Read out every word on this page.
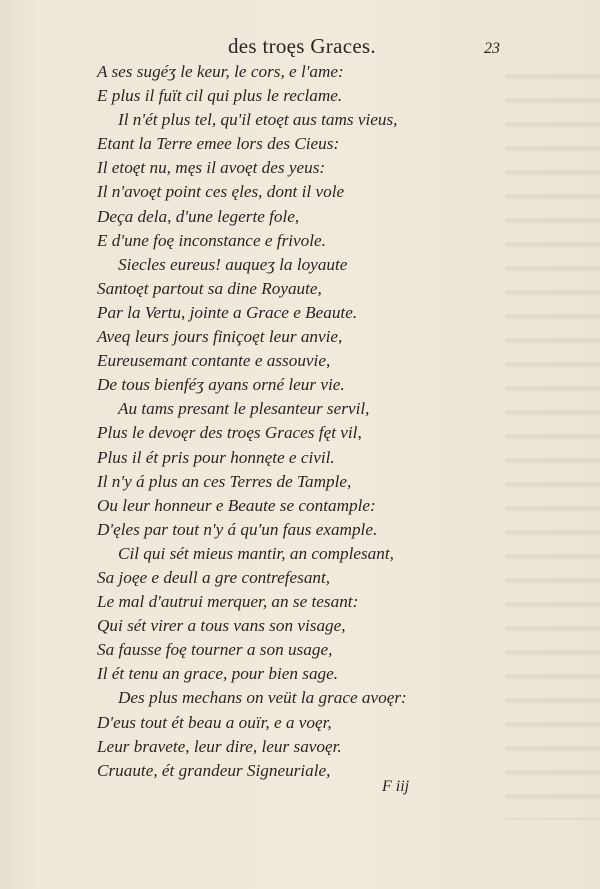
des troęs Graces.	23
A ses sugéʒ le keur, le cors, e l'ame:
E plus il fuït cil qui plus le reclame.
Il n'ét plus tel, qu'il etoęt aus tams vieus,
Etant la Terre emee lors des Cieus:
Il etoęt nu, męs il avoęt des yeus:
Il n'avoęt point ces ęles, dont il vole
Deça dela, d'une legerte fole,
E d'une foę inconstance e frivole.
Siecles eureus! auqueʒ la loyaute
Santoęt partout sa dine Royaute,
Par la Vertu, jointe a Grace e Beaute.
Aveq leurs jours finiçoęt leur anvie,
Eureusemant contante e assouvie,
De tous bienféʒ ayans orné leur vie.
Au tams presant le plesanteur servil,
Plus le devoęr des troęs Graces fęt vil,
Plus il ét pris pour honnęte e civil.
Il n'y á plus an ces Terres de Tample,
Ou leur honneur e Beaute se contample:
D'ęles par tout n'y á qu'un faus example.
Cil qui sét mieus mantir, an complesant,
Sa joęe e deull a gre contrefesant,
Le mal d'autrui merquer, an se tesant:
Qui sét virer a tous vans son visage,
Sa fausse foę tourner a son usage,
Il ét tenu an grace, pour bien sage.
Des plus mechans on veüt la grace avoęr:
D'eus tout ét beau a ouïr, e a voęr,
Leur bravete, leur dire, leur savoęr.
Cruaute, ét grandeur Signeuriale,
F iij
